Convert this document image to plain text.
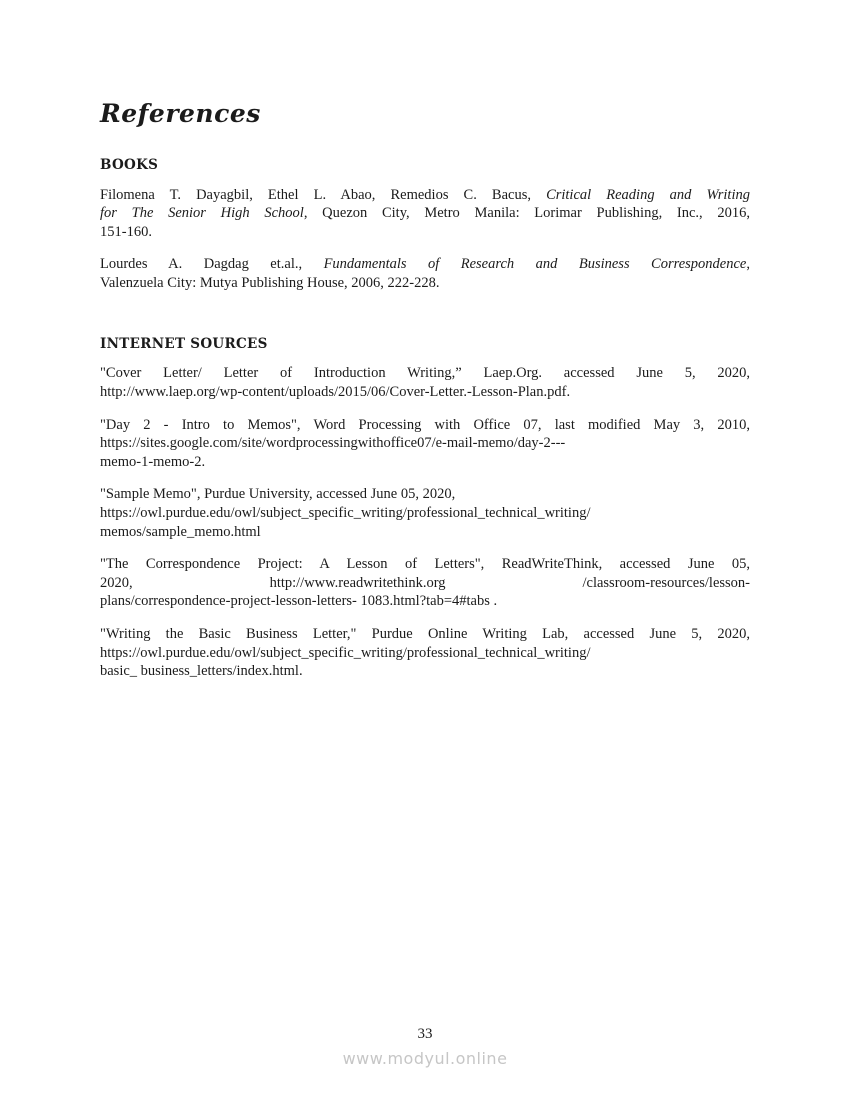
References
BOOKS
Filomena T. Dayagbil, Ethel L. Abao, Remedios C. Bacus, Critical Reading and Writing
for The Senior High School, Quezon City, Metro Manila: Lorimar Publishing, Inc., 2016,
151-160.
Lourdes A. Dagdag et.al., Fundamentals of Research and Business Correspondence,
Valenzuela City: Mutya Publishing House, 2006, 222-228.
INTERNET SOURCES
"Cover Letter/ Letter of Introduction Writing,” Laep.Org. accessed June 5, 2020,
http://www.laep.org/wp-content/uploads/2015/06/Cover-Letter.-Lesson-Plan.pdf.
"Day 2 - Intro to Memos", Word Processing with Office 07, last modified May 3, 2010,
https://sites.google.com/site/wordprocessingwithoffice07/e-mail-memo/day-2---
memo-1-memo-2.
"Sample Memo", Purdue University, accessed June 05, 2020,
https://owl.purdue.edu/owl/subject_specific_writing/professional_technical_writing/
memos/sample_memo.html
"The Correspondence Project: A Lesson of Letters", ReadWriteThink, accessed June 05,
2020, http://www.readwritethink.org /classroom-resources/lesson-
plans/correspondence-project-lesson-letters- 1083.html?tab=4#tabs .
"Writing the Basic Business Letter," Purdue Online Writing Lab, accessed June 5, 2020,
https://owl.purdue.edu/owl/subject_specific_writing/professional_technical_writing/
basic_ business_letters/index.html.
33
www.modyul.online
